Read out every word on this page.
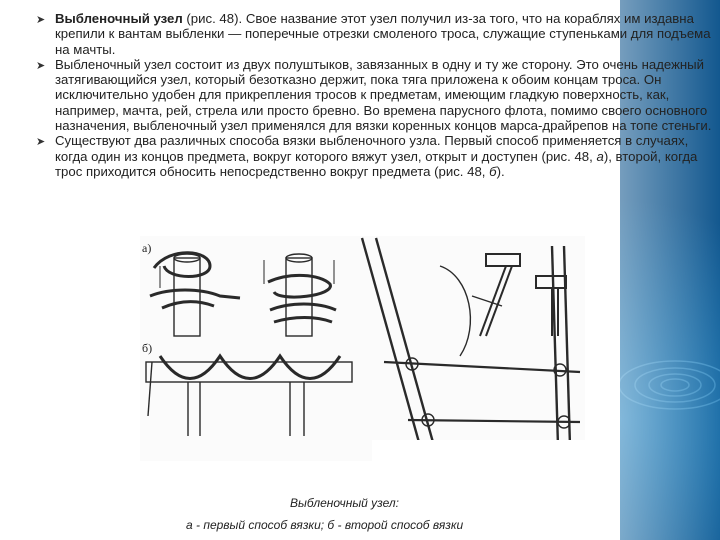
➤ Выбленочный узел (рис. 48). Свое название этот узел получил из-за того, что на кораблях им издавна крепили к вантам выбленки — поперечные отрезки смоленого троса, служащие ступеньками для подъема на мачты.

➤ Выбленочный узел состоит из двух полуштыков, завязанных в одну и ту же сторону. Это очень надежный затягивающийся узел, который безотказно держит, пока тяга приложена к обоим концам троса. Он исключительно удобен для прикрепления тросов к предметам, имеющим гладкую поверхность, как, например, мачта, рей, стрела или просто бревно. Во времена парусного флота, помимо своего основного назначения, выбленочный узел применялся для вязки коренных концов марса-драйрепов на топе стеньги.

➤ Существуют два различных способа вязки выбленочного узла. Первый способ применяется в случаях, когда один из концов предмета, вокруг которого вяжут узел, открыт и доступен (рис. 48, а), второй, когда трос приходится обносить непосредственно вокруг предмета (рис. 48, б).

а)
б)
Выбленочный узел:
а - первый способ вязки; б - второй способ вязки
